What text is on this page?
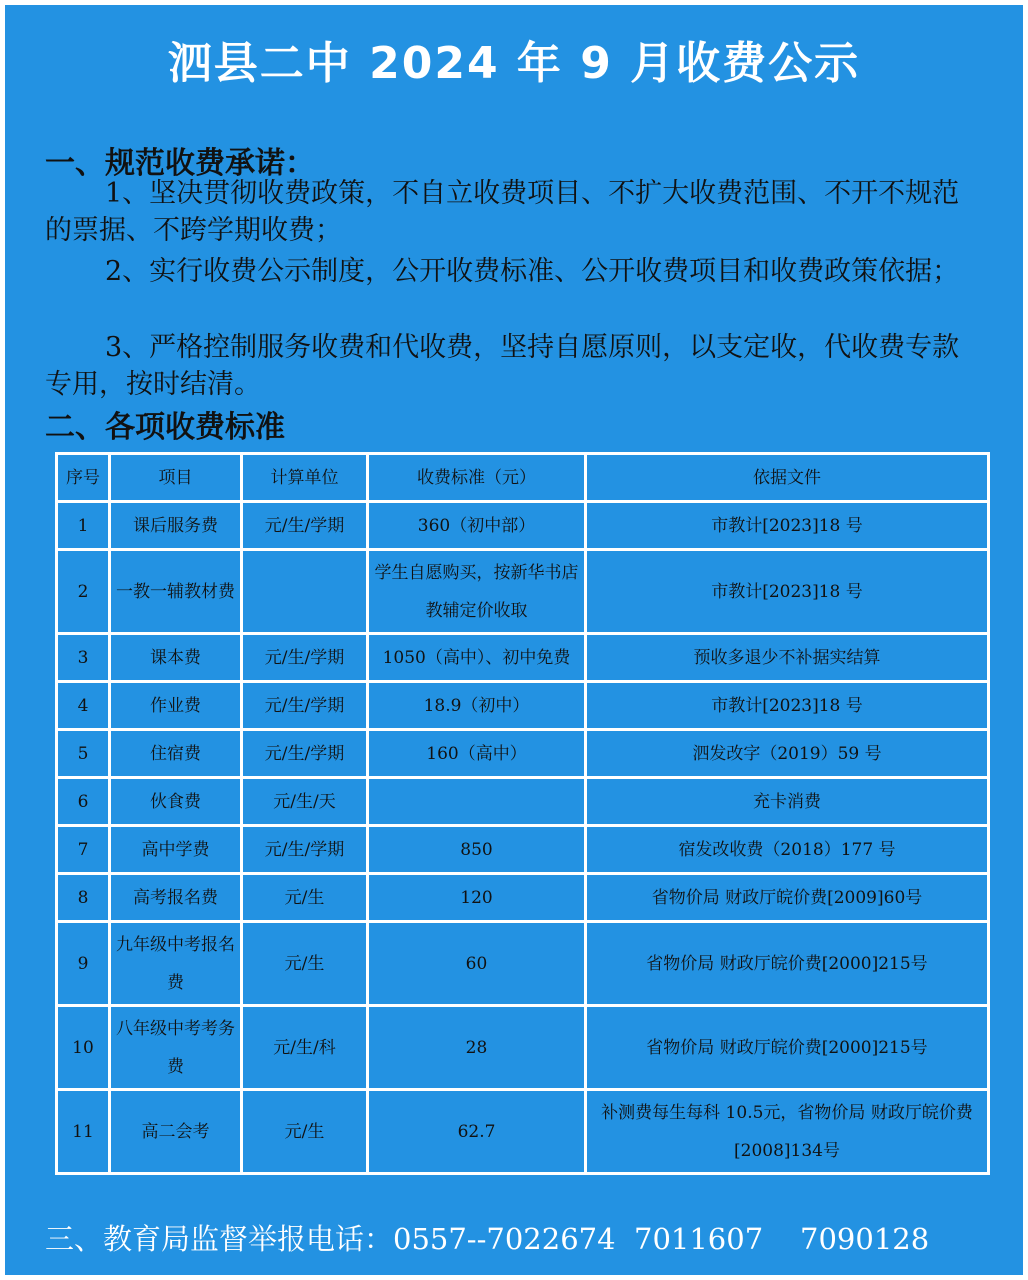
泗县二中 2024 年 9 月收费公示
一、规范收费承诺：
1、坚决贯彻收费政策，不自立收费项目、不扩大收费范围、不开不规范的票据、不跨学期收费；
2、实行收费公示制度，公开收费标准、公开收费项目和收费政策依据；
3、严格控制服务收费和代收费，坚持自愿原则，以支定收，代收费专款专用，按时结清。
二、各项收费标准
序号	项目	计算单位	收费标准（元）	依据文件
1	课后服务费	元/生/学期	360（初中部）	市教计[2023]18 号
2	一教一辅教材费		学生自愿购买，按新华书店教辅定价收取	市教计[2023]18 号
3	课本费	元/生/学期	1050（高中）、初中免费	预收多退少不补据实结算
4	作业费	元/生/学期	18.9（初中）	市教计[2023]18 号
5	住宿费	元/生/学期	160（高中）	泗发改字（2019）59 号
6	伙食费	元/生/天		充卡消费
7	高中学费	元/生/学期	850	宿发改收费（2018）177 号
8	高考报名费	元/生	120	省物价局 财政厅皖价费[2009]60号
9	九年级中考报名费	元/生	60	省物价局 财政厅皖价费[2000]215号
10	八年级中考考务费	元/生/科	28	省物价局 财政厅皖价费[2000]215号
11	高二会考	元/生	62.7	补测费每生每科 10.5元，省物价局 财政厅皖价费[2008]134号
三、教育局监督举报电话：0557--7022674  7011607    7090128
